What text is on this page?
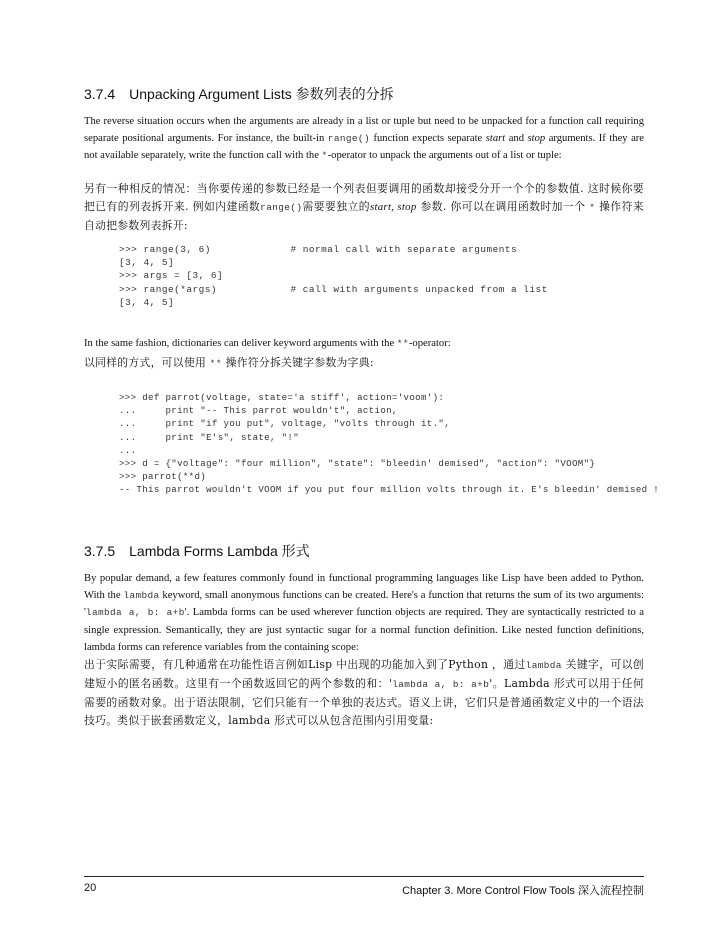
3.7.4 Unpacking Argument Lists 参数列表的分拆

The reverse situation occurs when the arguments are already in a list or tuple but need to be unpacked for a function call requiring separate positional arguments. For instance, the built-in range() function expects separate start and stop arguments. If they are not available separately, write the function call with the *-operator to unpack the arguments out of a list or tuple:

另有一种相反的情况：当你要传递的参数已经是一个列表但要调用的函数却接受分开一个个的参数值. 这时候你要把已有的列表拆开来. 例如内建函数range()需要要独立的start, stop 参数. 你可以在调用函数时加一个 * 操作符来自动把参数列表拆开:

>>> range(3, 6)             # normal call with separate arguments
[3, 4, 5]
>>> args = [3, 6]
>>> range(*args)            # call with arguments unpacked from a list
[3, 4, 5]

In the same fashion, dictionaries can deliver keyword arguments with the **-operator:

以同样的方式，可以使用 ** 操作符分拆关键字参数为字典:

>>> def parrot(voltage, state='a stiff', action='voom'):
...     print "-- This parrot wouldn't", action,
...     print "if you put", voltage, "volts through it.",
...     print "E's", state, "!"
...
>>> d = {"voltage": "four million", "state": "bleedin' demised", "action": "VOOM"}
>>> parrot(**d)
-- This parrot wouldn't VOOM if you put four million volts through it. E's bleedin' demised !
3.7.5 Lambda Forms Lambda 形式

By popular demand, a few features commonly found in functional programming languages like Lisp have been added to Python. With the lambda keyword, small anonymous functions can be created. Here's a function that returns the sum of its two arguments: 'lambda a, b: a+b'. Lambda forms can be used wherever function objects are required. They are syntactically restricted to a single expression. Semantically, they are just syntactic sugar for a normal function definition. Like nested function definitions, lambda forms can reference variables from the containing scope:

出于实际需要，有几种通常在功能性语言例如Lisp 中出现的功能加入到了Python ，通过lambda 关键字，可以创建短小的匿名函数。这里有一个函数返回它的两个参数的和：'lambda a, b: a+b'。Lambda 形式可以用于任何需要的函数对象。出于语法限制，它们只能有一个单独的表达式。语义上讲，它们只是普通函数定义中的一个语法技巧。类似于嵌套函数定义，lambda 形式可以从包含范围内引用变量:

20	Chapter 3. More Control Flow Tools 深入流程控制
